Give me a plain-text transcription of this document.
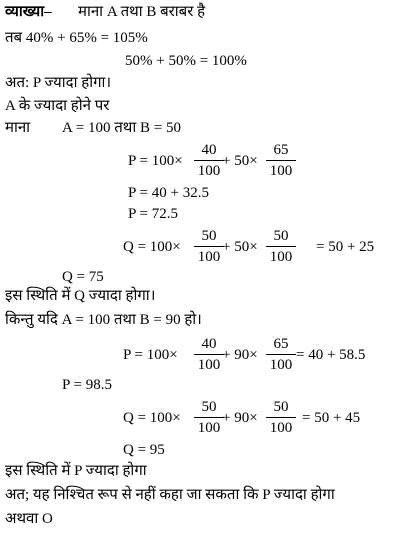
व्याख्या– माना A तथा B बराबर है
तब 40% + 65% = 105%
50% + 50% = 100%
अत: P ज्यादा होगा।
A के ज्यादा होने पर
माना A = 100 तथा B = 50
P = 100×	+ 50×
P = 40 + 32.5
P = 72.5
Q = 100×	+ 50×	= 50 + 25
Q = 75
इस स्थिति में Q ज्यादा होगा।
किन्तु यदि A = 100 तथा B = 90 हो।
P = 100×	+ 90×	= 40 + 58.5
P = 98.5
Q = 100×	+ 90×	= 50 + 45
Q = 95
इस स्थिति में P ज्यादा होगा
अत; यह निश्चित रूप से नहीं कहा जा सकता कि P ज्यादा होगा
अथवा O
40
100
65
100
50
100
50
100
40
100
65
100
50
100
50
100
